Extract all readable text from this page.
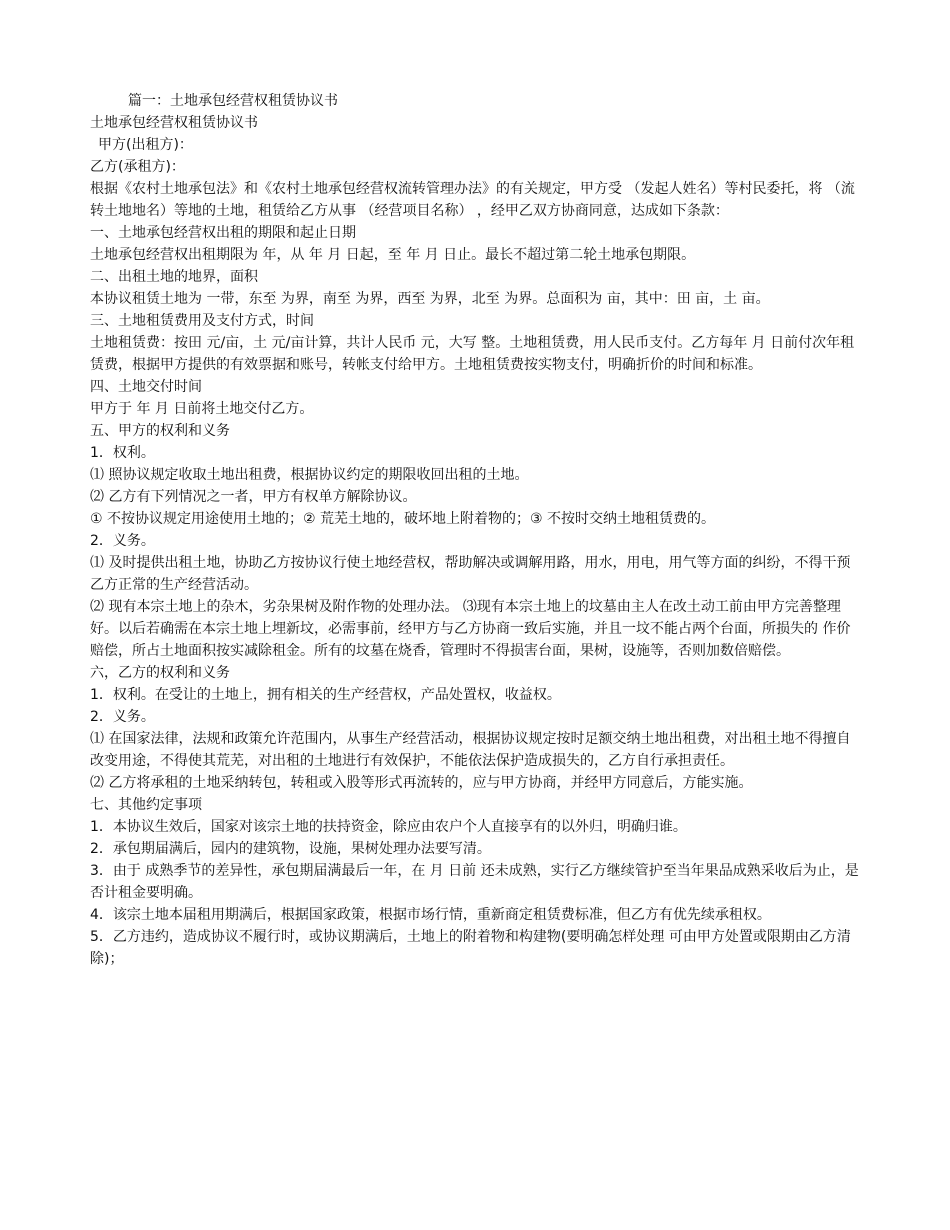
篇一：土地承包经营权租赁协议书

土地承包经营权租赁协议书

甲方(出租方)：

乙方(承租方)：

根据《农村土地承包法》和《农村土地承包经营权流转管理办法》的有关规定，甲方受 （发起人姓名）等村民委托，将 （流转土地地名）等地的土地，租赁给乙方从事 （经营项目名称） ，经甲乙双方协商同意，达成如下条款：

一、土地承包经营权出租的期限和起止日期

土地承包经营权出租期限为 年，从 年 月 日起，至 年 月 日止。最长不超过第二轮土地承包期限。

二、出租土地的地界，面积

本协议租赁土地为 一带，东至 为界，南至 为界，西至 为界，北至 为界。总面积为 亩，其中：田 亩，土 亩。

三、土地租赁费用及支付方式，时间

土地租赁费：按田 元/亩，土 元/亩计算，共计人民币 元，大写 整。土地租赁费，用人民币支付。乙方每年 月 日前付次年租赁费，根据甲方提供的有效票据和账号，转帐支付给甲方。土地租赁费按实物支付，明确折价的时间和标准。

四、土地交付时间

甲方于 年 月 日前将土地交付乙方。

五、甲方的权利和义务

1．权利。

⑴ 照协议规定收取土地出租费，根据协议约定的期限收回出租的土地。

⑵ 乙方有下列情况之一者，甲方有权单方解除协议。

① 不按协议规定用途使用土地的；② 荒芜土地的，破坏地上附着物的；③ 不按时交纳土地租赁费的。

2．义务。

⑴ 及时提供出租土地，协助乙方按协议行使土地经营权，帮助解决或调解用路，用水，用电，用气等方面的纠纷，不得干预乙方正常的生产经营活动。

⑵ 现有本宗土地上的杂木，劣杂果树及附作物的处理办法。 ⑶现有本宗土地上的坟墓由主人在改土动工前由甲方完善整理好。以后若确需在本宗土地上埋新坟，必需事前，经甲方与乙方协商一致后实施，并且一坟不能占两个台面，所损失的 作价赔偿，所占土地面积按实减除租金。所有的坟墓在烧香，管理时不得损害台面，果树，设施等，否则加数倍赔偿。

六，乙方的权利和义务

1．权利。在受让的土地上，拥有相关的生产经营权，产品处置权，收益权。

2．义务。

⑴ 在国家法律，法规和政策允许范围内，从事生产经营活动，根据协议规定按时足额交纳土地出租费，对出租土地不得擅自改变用途，不得使其荒芜，对出租的土地进行有效保护，不能依法保护造成损失的，乙方自行承担责任。

⑵ 乙方将承租的土地采纳转包，转租或入股等形式再流转的，应与甲方协商，并经甲方同意后，方能实施。

七、其他约定事项

1．本协议生效后，国家对该宗土地的扶持资金，除应由农户个人直接享有的以外归，明确归谁。

2．承包期届满后，园内的建筑物，设施，果树处理办法要写清。

3．由于 成熟季节的差异性，承包期届满最后一年，在 月 日前 还未成熟，实行乙方继续管护至当年果品成熟采收后为止，是否计租金要明确。

4．该宗土地本届租用期满后，根据国家政策，根据市场行情，重新商定租赁费标准，但乙方有优先续承租权。

5．乙方违约，造成协议不履行时，或协议期满后，土地上的附着物和构建物(要明确怎样处理 可由甲方处置或限期由乙方清除)；
